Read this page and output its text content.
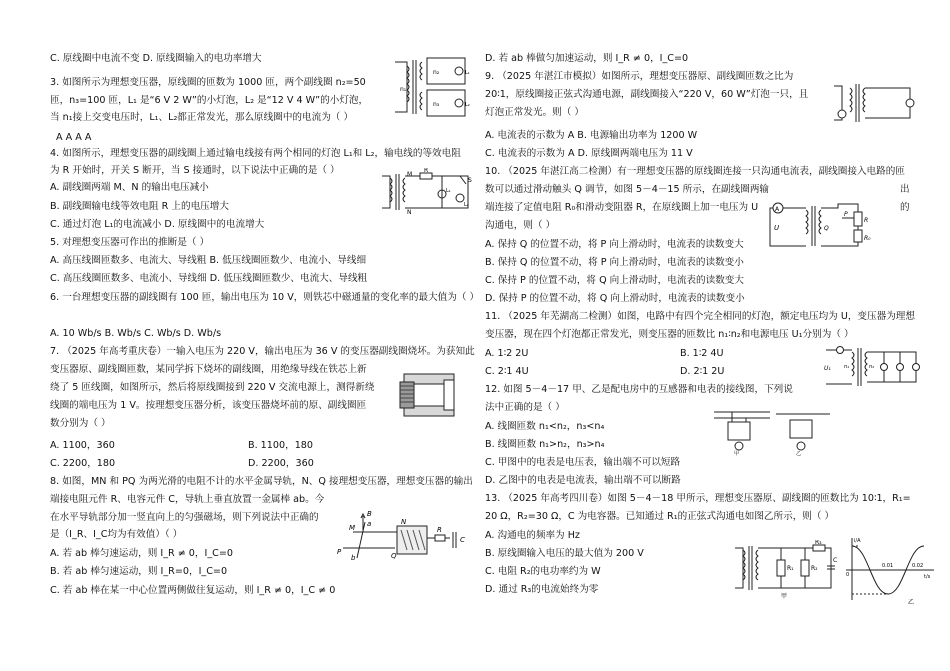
C. 原线圈中电流不变 D. 原线圈输入的电功率增大
3. 如图所示为理想变压器，原线圈的匝数为 1000 匝，两个副线圈 n₂=50
匝，n₃=100 匝，L₁ 是“6 V 2 W”的小灯泡，L₂ 是“12 V 4 W”的小灯泡，
当 n₁接上交变电压时，L₁、L₂都正常发光，那么原线圈中的电流为（ ）
A A A A
4. 如图所示，理想变压器的副线圈上通过输电线接有两个相同的灯泡 L₁和 L₂，输电线的等效电阻
为 R 开始时，开关 S 断开，当 S 接通时，以下说法中正确的是（ ）
A. 副线圈两端 M、N 的输出电压减小
B. 副线圈输电线等效电阻 R 上的电压增大
C. 通过灯泡 L₁的电流减小 D. 原线圈中的电流增大
5. 对理想变压器可作出的推断是（ ）
A. 高压线圈匝数多、电流大、导线粗 B. 低压线圈匝数少、电流小、导线细
C. 高压线圈匝数多、电流小、导线细 D. 低压线圈匝数少、电流大、导线粗
6. 一台理想变压器的副线圈有 100 匝，输出电压为 10 V，则铁芯中磁通量的变化率的最大值为（ ）
A. 10 Wb/s B. Wb/s C. Wb/s D. Wb/s
7. （2025 年高考重庆卷）一输入电压为 220 V，输出电压为 36 V 的变压器副线圈烧坏。为获知此
变压器原、副线圈匝数，某同学拆下烧坏的副线圈，用绝缘导线在铁芯上新
绕了 5 匝线圈，如图所示，然后将原线圈接到 220 V 交流电源上，测得新绕
线圈的端电压为 1 V。按理想变压器分析，该变压器烧坏前的原、副线圈匝
数分别为（ ）
A. 1100，360	B. 1100，180
C. 2200，180	D. 2200，360
8. 如图，MN 和 PQ 为两光滑的电阻不计的水平金属导轨，N、Q 接理想变压器，理想变压器的输出
端接电阻元件 R、电容元件 C，导轨上垂直放置一金属棒 ab。今
在水平导轨部分加一竖直向上的匀强磁场，则下列说法中正确的
是（I_R、I_C均为有效值）（ ）
A. 若 ab 棒匀速运动，则 I_R ≠ 0，I_C=0
B. 若 ab 棒匀速运动，则 I_R=0，I_C=0
C. 若 ab 棒在某一中心位置两侧做往复运动，则 I_R ≠ 0，I_C ≠ 0
D. 若 ab 棒做匀加速运动，则 I_R ≠ 0，I_C=0
9. （2025 年湛江市模拟）如图所示，理想变压器原、副线圈匝数之比为
20∶1，原线圈接正弦式沟通电源，副线圈接入“220 V，60 W”灯泡一只，且
灯泡正常发光。则（ ）
A. 电流表的示数为 A B. 电源输出功率为 1200 W
C. 电流表的示数为 A D. 原线圈两端电压为 11 V
10. （2025 年湛江高二检测）有一理想变压器的原线圈连接一只沟通电流表，副线圈接入电路的匝
数可以通过滑动触头 Q 调节，如图 5－4－15 所示，在副线圈两输	出
端连接了定值电阻 R₀和滑动变阻器 R，在原线圈上加一电压为 U	的
沟通电，则（ ）
A. 保持 Q 的位置不动，将 P 向上滑动时，电流表的读数变大
B. 保持 Q 的位置不动，将 P 向上滑动时，电流表的读数变小
C. 保持 P 的位置不动，将 Q 向上滑动时，电流表的读数变大
D. 保持 P 的位置不动，将 Q 向上滑动时，电流表的读数变小
11. （2025 年芜湖高二检测）如图，电路中有四个完全相同的灯泡，额定电压均为 U，变压器为理想
变压器，现在四个灯泡都正常发光，则变压器的匝数比 n₁∶n₂和电源电压 U₁分别为（ ）
A. 1∶2 2U	B. 1∶2 4U
C. 2∶1 4U	D. 2∶1 2U
12. 如图 5－4－17 甲、乙是配电房中的互感器和电表的接线图，下列说
法中正确的是（ ）
A. 线圈匝数 n₁<n₂，n₃<n₄
B. 线圈匝数 n₁>n₂，n₃>n₄
C. 甲图中的电表是电压表，输出端不可以短路
D. 乙图中的电表是电流表，输出端不可以断路
13. （2025 年高考四川卷）如图 5－4－18 甲所示，理想变压器原、副线圈的匝数比为 10∶1，R₁=
20 Ω，R₂=30 Ω，C 为电容器。已知通过 R₁的正弦式沟通电如图乙所示，则（ ）
A. 沟通电的频率为 Hz
B. 原线圈输入电压的最大值为 200 V
C. 电阻 R₂的电功率约为 W
D. 通过 R₃的电流始终为零
n₁
n₂
n₃
L₁
L₂
M
N
R
S
L₁
L₂
M
N
P	Q
a
b
B
R
C
A
U	Q
P
R
R₀
U₁	n₁	n₂
甲	乙
R₁	R₂
R₃
C
甲
i/A
0
0.01	0.02
t/s
乙
